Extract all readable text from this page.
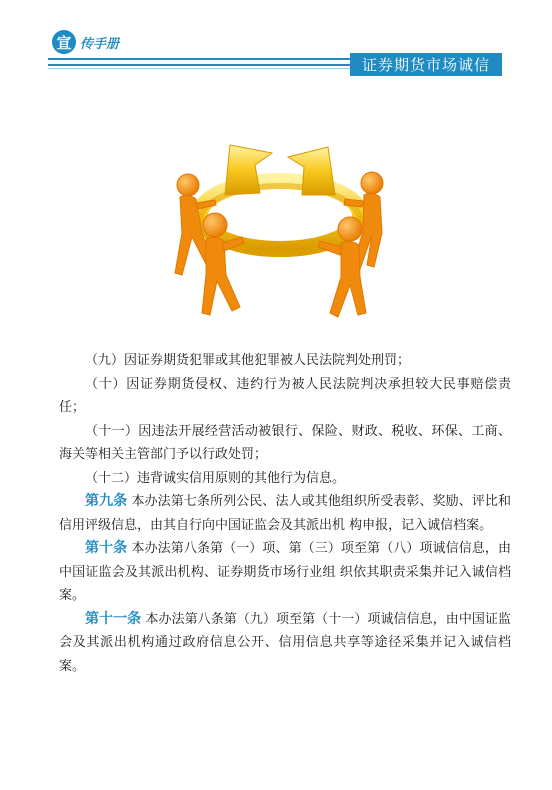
宣 传手册
证券期货市场诚信

（九）因证券期货犯罪或其他犯罪被人民法院判处刑罚；

（十）因证券期货侵权、违约行为被人民法院判决承担较大民事赔偿责任；

（十一）因违法开展经营活动被银行、保险、财政、税收、环保、工商、海关等相关主管部门予以行政处罚；

（十二）违背诚实信用原则的其他行为信息。

第九条 本办法第七条所列公民、法人或其他组织所受表彰、奖励、评比和信用评级信息，由其自行向中国证监会及其派出机 构申报，记入诚信档案。

第十条 本办法第八条第（一）项、第（三）项至第（八）项诚信信息，由中国证监会及其派出机构、证券期货市场行业组 织依其职责采集并记入诚信档案。

第十一条 本办法第八条第（九）项至第（十一）项诚信信息，由中国证监会及其派出机构通过政府信息公开、信用信息共享等途径采集并记入诚信档案。
